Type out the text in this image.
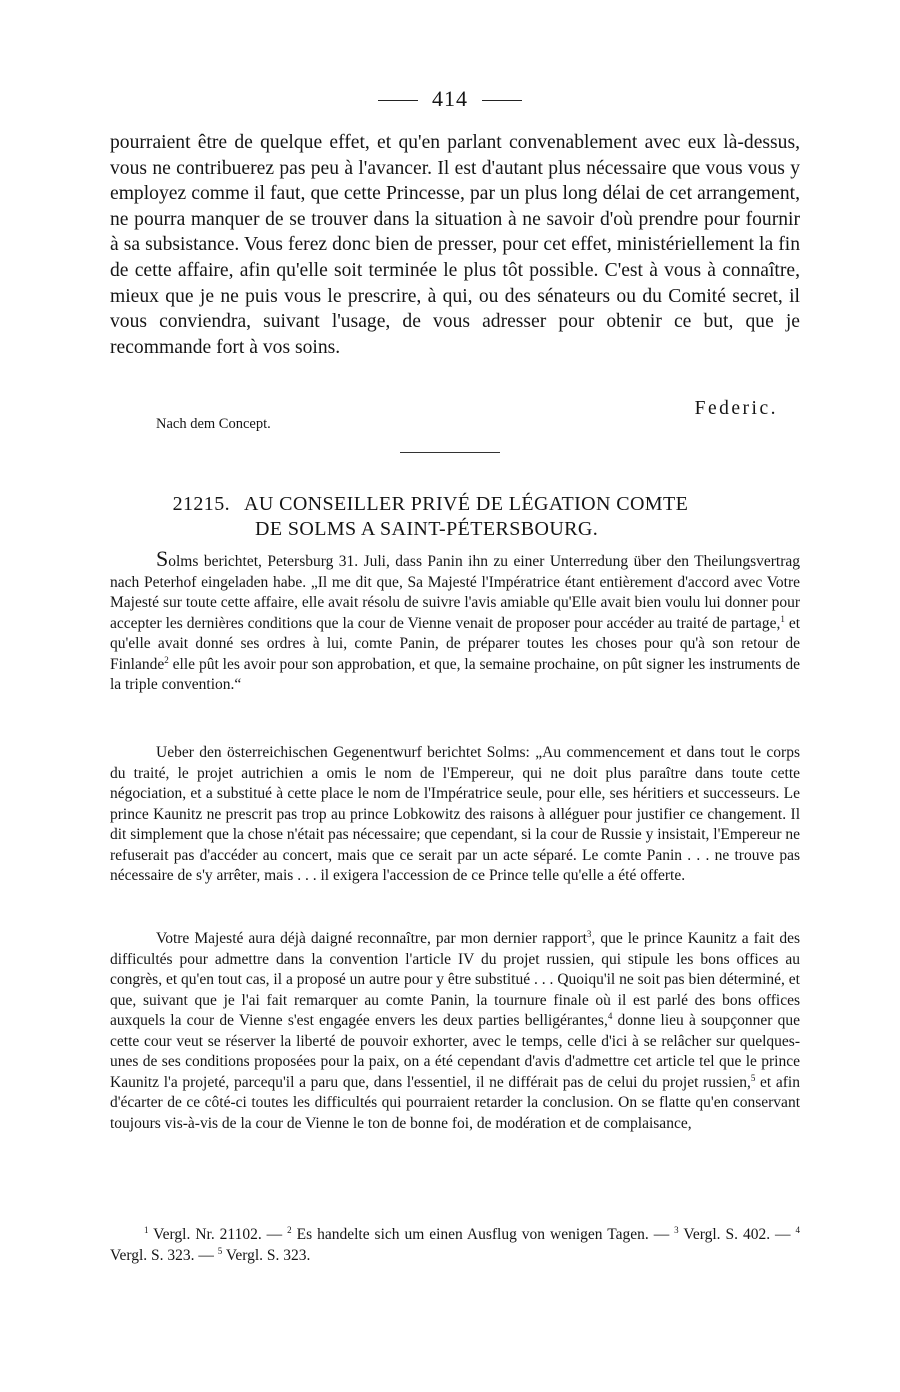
414

pourraient être de quelque effet, et qu'en parlant convenablement avec eux là-dessus, vous ne contribuerez pas peu à l'avancer. Il est d'autant plus nécessaire que vous vous y employez comme il faut, que cette Princesse, par un plus long délai de cet arrangement, ne pourra manquer de se trouver dans la situation à ne savoir d'où prendre pour fournir à sa subsistance. Vous ferez donc bien de presser, pour cet effet, ministériellement la fin de cette affaire, afin qu'elle soit terminée le plus tôt possible. C'est à vous à connaître, mieux que je ne puis vous le prescrire, à qui, ou des sénateurs ou du Comité secret, il vous conviendra, suivant l'usage, de vous adresser pour obtenir ce but, que je recommande fort à vos soins.

Federic.
Nach dem Concept.
21215. AU CONSEILLER PRIVÉ DE LÉGATION COMTE
DE SOLMS A SAINT-PÉTERSBOURG.

Solms berichtet, Petersburg 31. Juli, dass Panin ihn zu einer Unterredung über den Theilungsvertrag nach Peterhof eingeladen habe. „Il me dit que, Sa Majesté l'Impératrice étant entièrement d'accord avec Votre Majesté sur toute cette affaire, elle avait résolu de suivre l'avis amiable qu'Elle avait bien voulu lui donner pour accepter les dernières conditions que la cour de Vienne venait de proposer pour accéder au traité de partage,$^1$ et qu'elle avait donné ses ordres à lui, comte Panin, de préparer toutes les choses pour qu'à son retour de Finlande$^2$ elle pût les avoir pour son approbation, et que, la semaine prochaine, on pût signer les instruments de la triple convention.“

Ueber den österreichischen Gegenentwurf berichtet Solms: „Au commencement et dans tout le corps du traité, le projet autrichien a omis le nom de l'Empereur, qui ne doit plus paraître dans toute cette négociation, et a substitué à cette place le nom de l'Impératrice seule, pour elle, ses héritiers et successeurs. Le prince Kaunitz ne prescrit pas trop au prince Lobkowitz des raisons à alléguer pour justifier ce changement. Il dit simplement que la chose n'était pas nécessaire; que cependant, si la cour de Russie y insistait, l'Empereur ne refuserait pas d'accéder au concert, mais que ce serait par un acte séparé. Le comte Panin . . . ne trouve pas nécessaire de s'y arrêter, mais . . . il exigera l'accession de ce Prince telle qu'elle a été offerte.

Votre Majesté aura déjà daigné reconnaître, par mon dernier rapport$^3$, que le prince Kaunitz a fait des difficultés pour admettre dans la convention l'article IV du projet russien, qui stipule les bons offices au congrès, et qu'en tout cas, il a proposé un autre pour y être substitué . . . Quoiqu'il ne soit pas bien déterminé, et que, suivant que je l'ai fait remarquer au comte Panin, la tournure finale où il est parlé des bons offices auxquels la cour de Vienne s'est engagée envers les deux parties belligérantes,$^4$ donne lieu à soupçonner que cette cour veut se réserver la liberté de pouvoir exhorter, avec le temps, celle d'ici à se relâcher sur quelques-unes de ses conditions proposées pour la paix, on a été cependant d'avis d'admettre cet article tel que le prince Kaunitz l'a projeté, parcequ'il a paru que, dans l'essentiel, il ne différait pas de celui du projet russien,$^5$ et afin d'écarter de ce côté-ci toutes les difficultés qui pourraient retarder la conclusion. On se flatte qu'en conservant toujours vis-à-vis de la cour de Vienne le ton de bonne foi, de modération et de complaisance,

$^1$ Vergl. Nr. 21102. — $^2$ Es handelte sich um einen Ausflug von wenigen Tagen. — $^3$ Vergl. S. 402. — $^4$ Vergl. S. 323. — $^5$ Vergl. S. 323.
